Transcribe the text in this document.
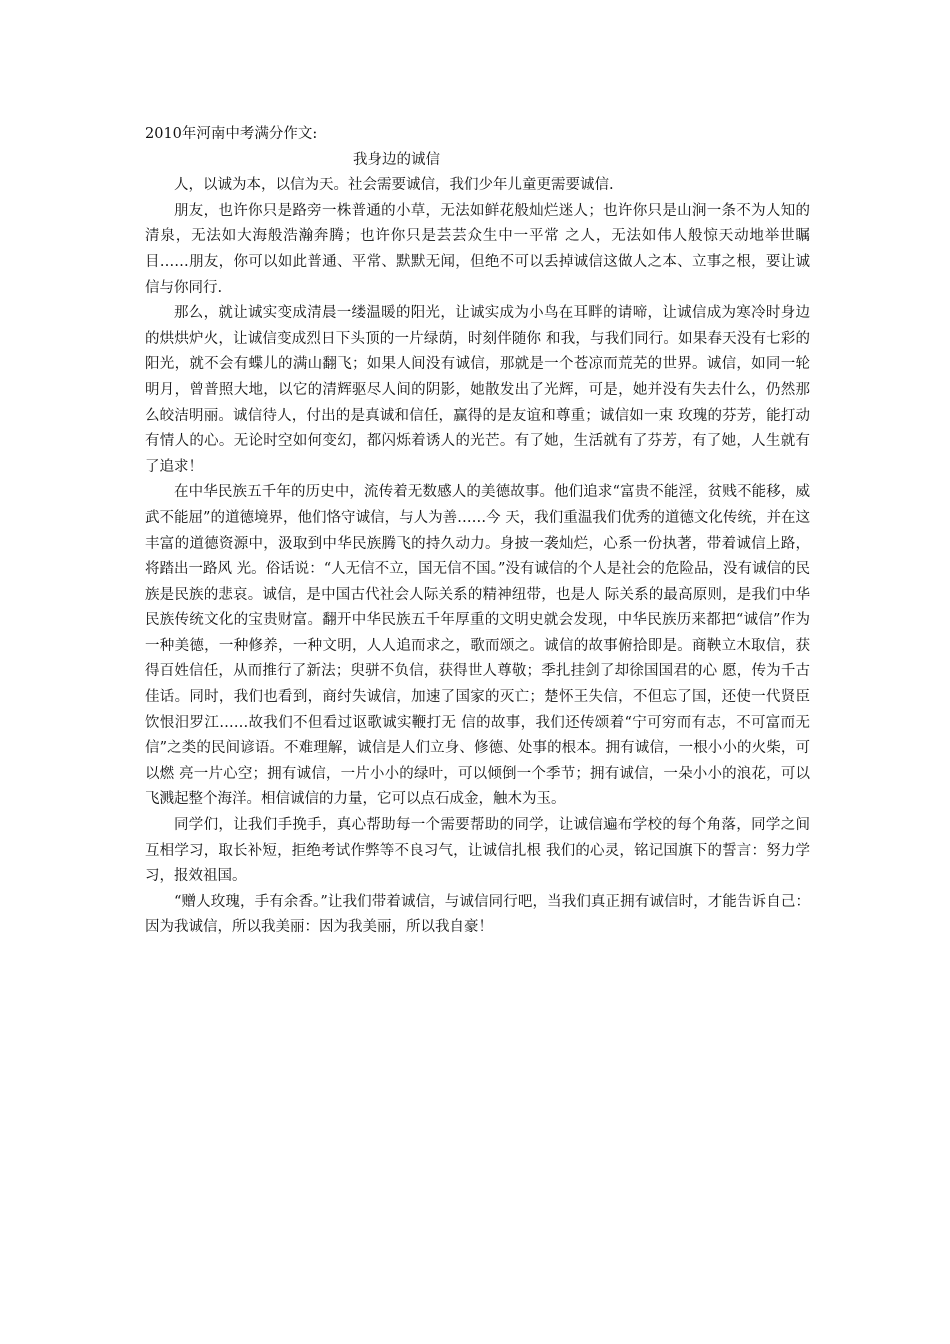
2010年河南中考满分作文:

我身边的诚信

人，以诚为本，以信为天。社会需要诚信，我们少年儿童更需要诚信.

朋友，也许你只是路旁一株普通的小草，无法如鲜花般灿烂迷人；也许你只是山涧一条不为人知的清泉，无法如大海般浩瀚奔腾；也许你只是芸芸众生中一平常 之人，无法如伟人般惊天动地举世瞩目……朋友，你可以如此普通、平常、默默无闻，但绝不可以丢掉诚信这做人之本、立事之根，要让诚信与你同行.

那么，就让诚实变成清晨一缕温暖的阳光，让诚实成为小鸟在耳畔的请啼，让诚信成为寒冷时身边的烘烘炉火，让诚信变成烈日下头顶的一片绿荫，时刻伴随你 和我，与我们同行。如果春天没有七彩的阳光，就不会有蝶儿的满山翻飞；如果人间没有诚信，那就是一个苍凉而荒芜的世界。诚信，如同一轮明月，曾普照大地，以它的清辉驱尽人间的阴影，她散发出了光辉，可是，她并没有失去什么，仍然那么皎洁明丽。诚信待人，付出的是真诚和信任，赢得的是友谊和尊重；诚信如一束 玫瑰的芬芳，能打动有情人的心。无论时空如何变幻，都闪烁着诱人的光芒。有了她，生活就有了芬芳，有了她，人生就有了追求！

在中华民族五千年的历史中，流传着无数感人的美德故事。他们追求“富贵不能淫，贫贱不能移，威武不能屈”的道德境界，他们恪守诚信，与人为善……今 天，我们重温我们优秀的道德文化传统，并在这丰富的道德资源中，汲取到中华民族腾飞的持久动力。身披一袭灿烂，心系一份执著，带着诚信上路，将踏出一路风 光。俗话说：“人无信不立，国无信不国。”没有诚信的个人是社会的危险品，没有诚信的民族是民族的悲哀。诚信，是中国古代社会人际关系的精神纽带，也是人 际关系的最高原则，是我们中华民族传统文化的宝贵财富。翻开中华民族五千年厚重的文明史就会发现，中华民族历来都把“诚信”作为一种美德，一种修养，一种文明，人人追而求之，歌而颂之。诚信的故事俯拾即是。商鞅立木取信，获得百姓信任，从而推行了新法；臾骈不负信，获得世人尊敬；季扎挂剑了却徐国国君的心 愿，传为千古佳话。同时，我们也看到，商纣失诚信，加速了国家的灭亡；楚怀王失信，不但忘了国，还使一代贤臣饮恨汨罗江……故我们不但看过讴歌诚实鞭打无 信的故事，我们还传颂着“宁可穷而有志，不可富而无信”之类的民间谚语。不难理解，诚信是人们立身、修德、处事的根本。拥有诚信，一根小小的火柴，可以燃 亮一片心空；拥有诚信，一片小小的绿叶，可以倾倒一个季节；拥有诚信，一朵小小的浪花，可以飞溅起整个海洋。相信诚信的力量，它可以点石成金，触木为玉。

同学们，让我们手挽手，真心帮助每一个需要帮助的同学，让诚信遍布学校的每个角落，同学之间互相学习，取长补短，拒绝考试作弊等不良习气，让诚信扎根 我们的心灵，铭记国旗下的誓言：努力学习，报效祖国。

“赠人玫瑰，手有余香。”让我们带着诚信，与诚信同行吧，当我们真正拥有诚信时，才能告诉自己：因为我诚信，所以我美丽：因为我美丽，所以我自豪！
